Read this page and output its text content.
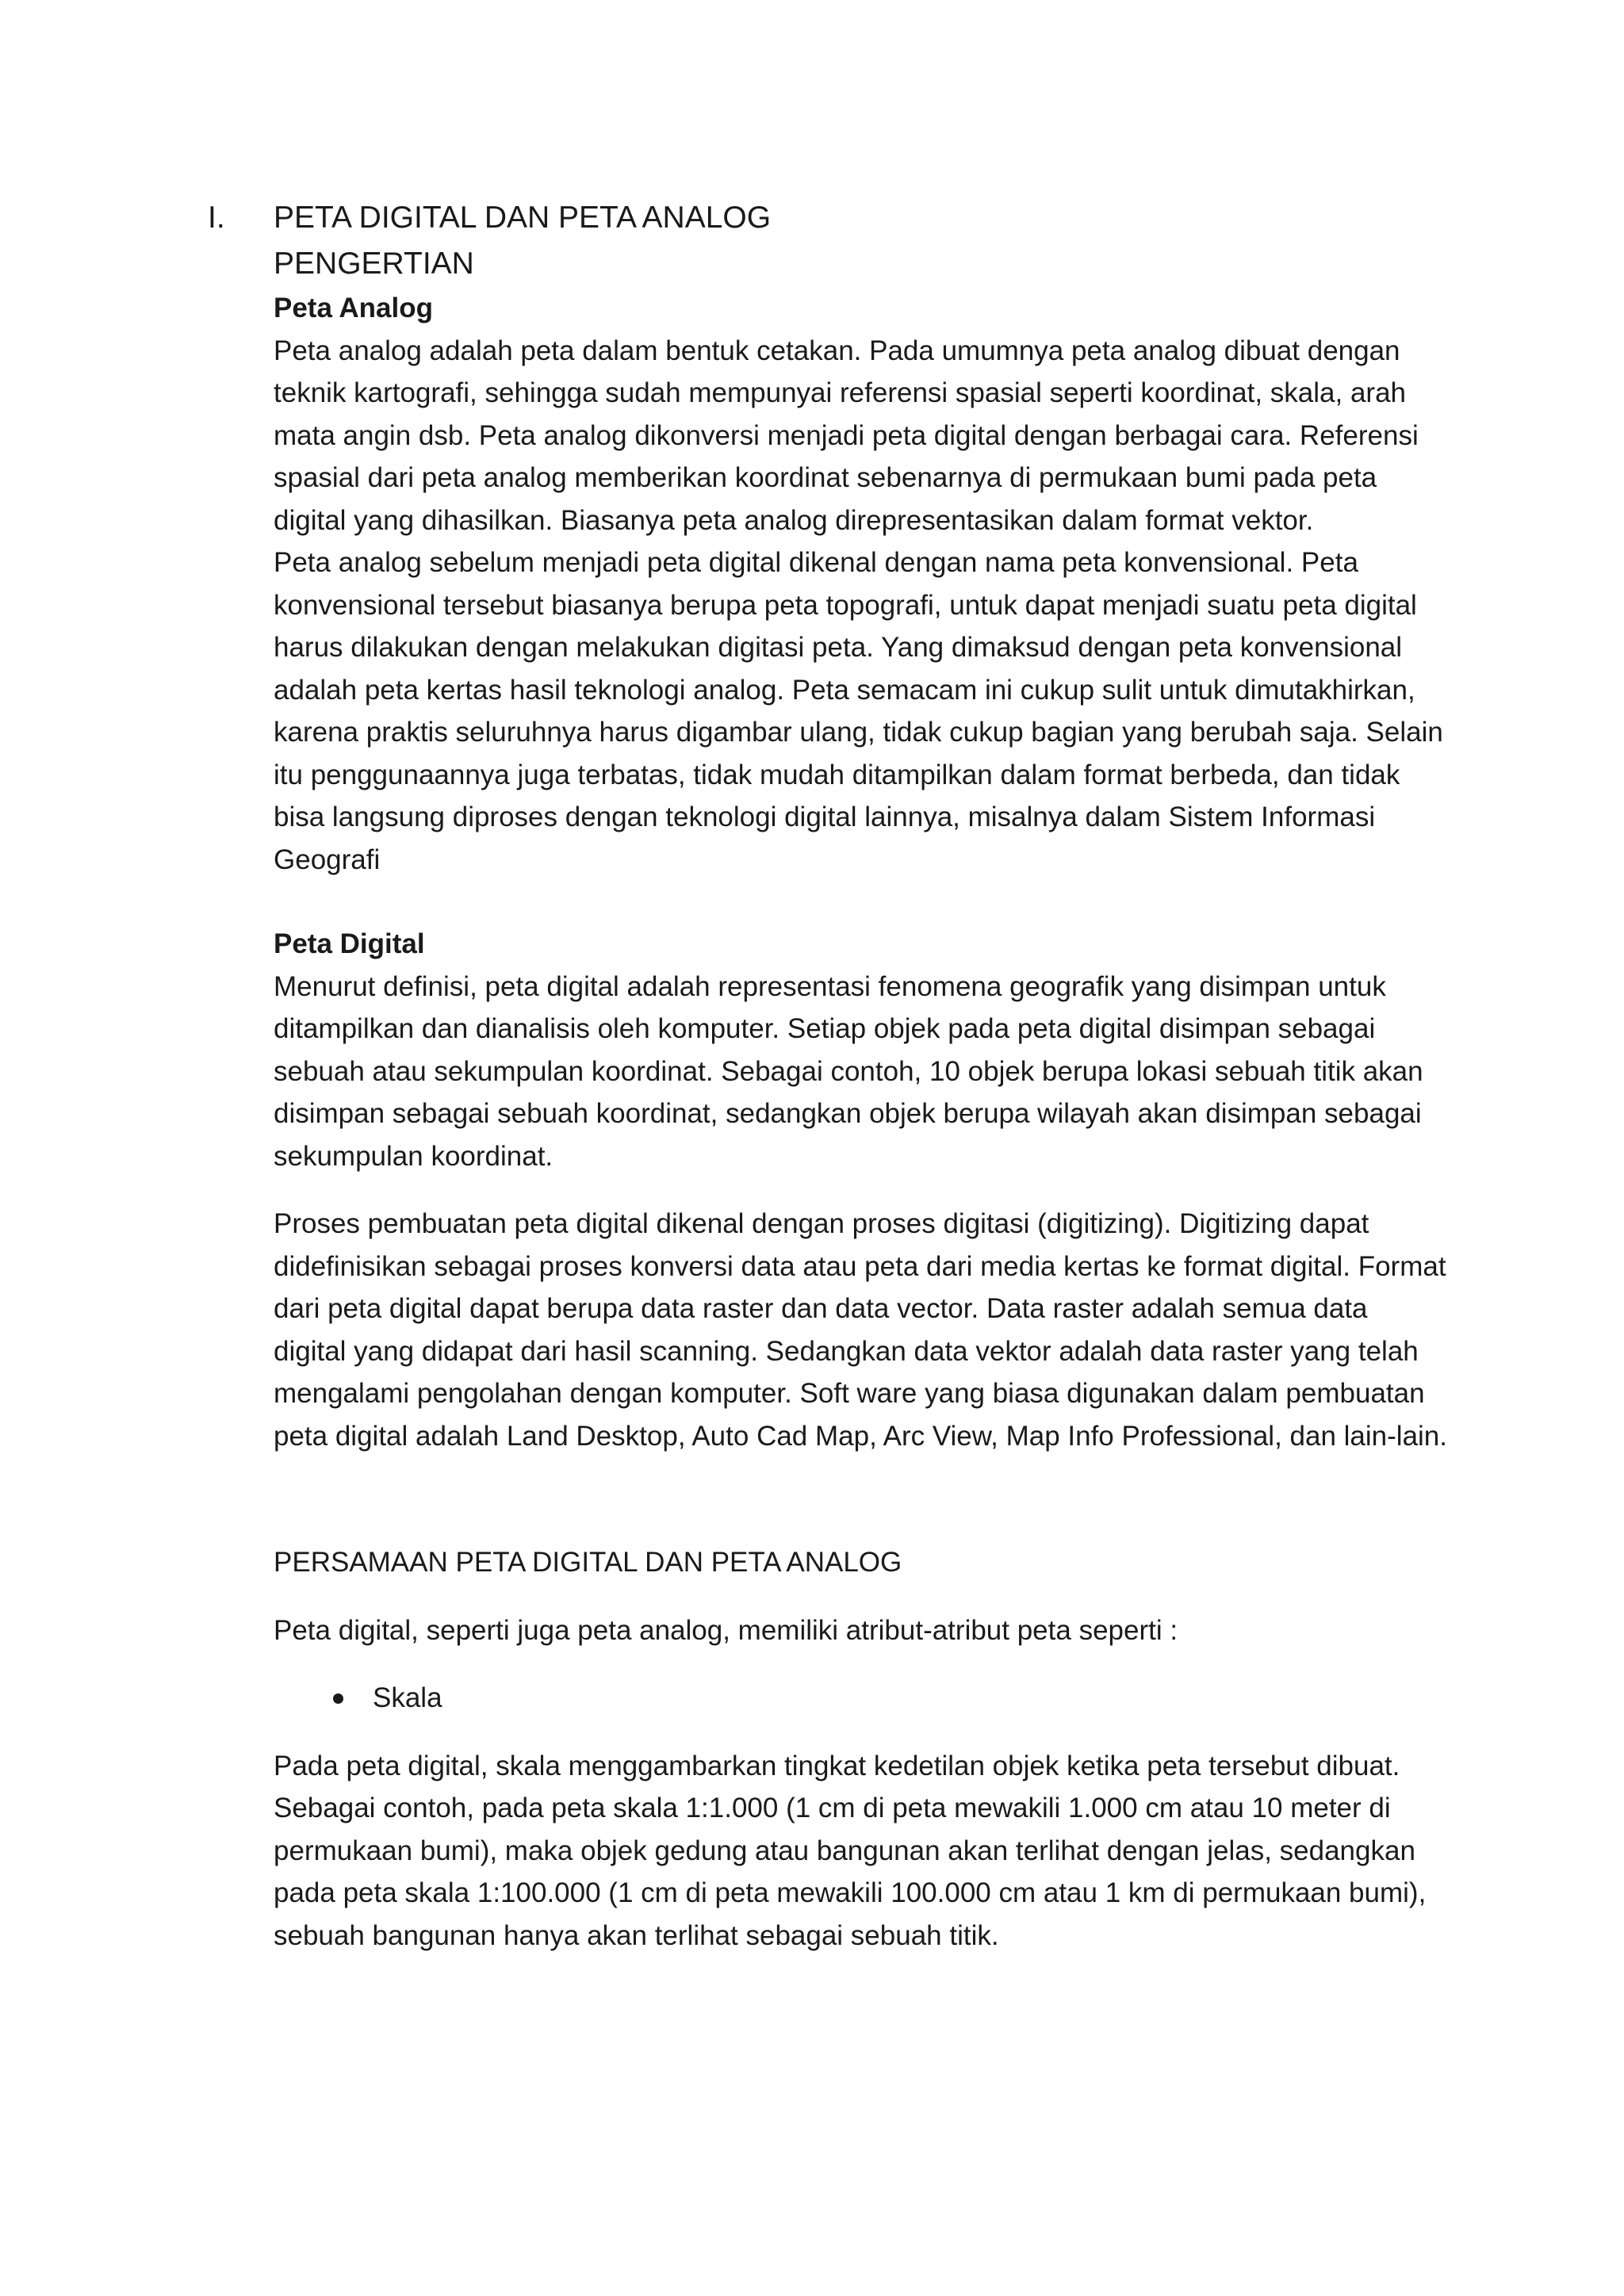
I. PETA DIGITAL DAN PETA ANALOG
PENGERTIAN
Peta Analog

Peta analog adalah peta dalam bentuk cetakan. Pada umumnya peta analog dibuat dengan teknik kartografi, sehingga sudah mempunyai referensi spasial seperti koordinat, skala, arah mata angin dsb. Peta analog dikonversi menjadi peta digital dengan berbagai cara. Referensi spasial dari peta analog memberikan koordinat sebenarnya di permukaan bumi pada peta digital yang dihasilkan. Biasanya peta analog direpresentasikan dalam format vektor.

Peta analog sebelum menjadi peta digital dikenal dengan nama peta konvensional. Peta konvensional tersebut biasanya berupa peta topografi, untuk dapat menjadi suatu peta digital harus dilakukan dengan melakukan digitasi peta. Yang dimaksud dengan peta konvensional adalah peta kertas hasil teknologi analog. Peta semacam ini cukup sulit untuk dimutakhirkan, karena praktis seluruhnya harus digambar ulang, tidak cukup bagian yang berubah saja. Selain itu penggunaannya juga terbatas, tidak mudah ditampilkan dalam format berbeda, dan tidak bisa langsung diproses dengan teknologi digital lainnya, misalnya dalam Sistem Informasi Geografi

Peta Digital

Menurut definisi, peta digital adalah representasi fenomena geografik yang disimpan untuk ditampilkan dan dianalisis oleh komputer. Setiap objek pada peta digital disimpan sebagai sebuah atau sekumpulan koordinat. Sebagai contoh, 10 objek berupa lokasi sebuah titik akan disimpan sebagai sebuah koordinat, sedangkan objek berupa wilayah akan disimpan sebagai sekumpulan koordinat.

Proses pembuatan peta digital dikenal dengan proses digitasi (digitizing). Digitizing dapat didefinisikan sebagai proses konversi data atau peta dari media kertas ke format digital. Format dari peta digital dapat berupa data raster dan data vector. Data raster adalah semua data digital yang didapat dari hasil scanning. Sedangkan data vektor adalah data raster yang telah mengalami pengolahan dengan komputer. Soft ware yang biasa digunakan dalam pembuatan peta digital adalah Land Desktop, Auto Cad Map, Arc View, Map Info Professional, dan lain-lain.

PERSAMAAN PETA DIGITAL DAN PETA ANALOG

Peta digital, seperti juga peta analog, memiliki atribut-atribut peta seperti :

Skala

Pada peta digital, skala menggambarkan tingkat kedetilan objek ketika peta tersebut dibuat. Sebagai contoh, pada peta skala 1:1.000 (1 cm di peta mewakili 1.000 cm atau 10 meter di permukaan bumi), maka objek gedung atau bangunan akan terlihat dengan jelas, sedangkan pada peta skala 1:100.000 (1 cm di peta mewakili 100.000 cm atau 1 km di permukaan bumi), sebuah bangunan hanya akan terlihat sebagai sebuah titik.
